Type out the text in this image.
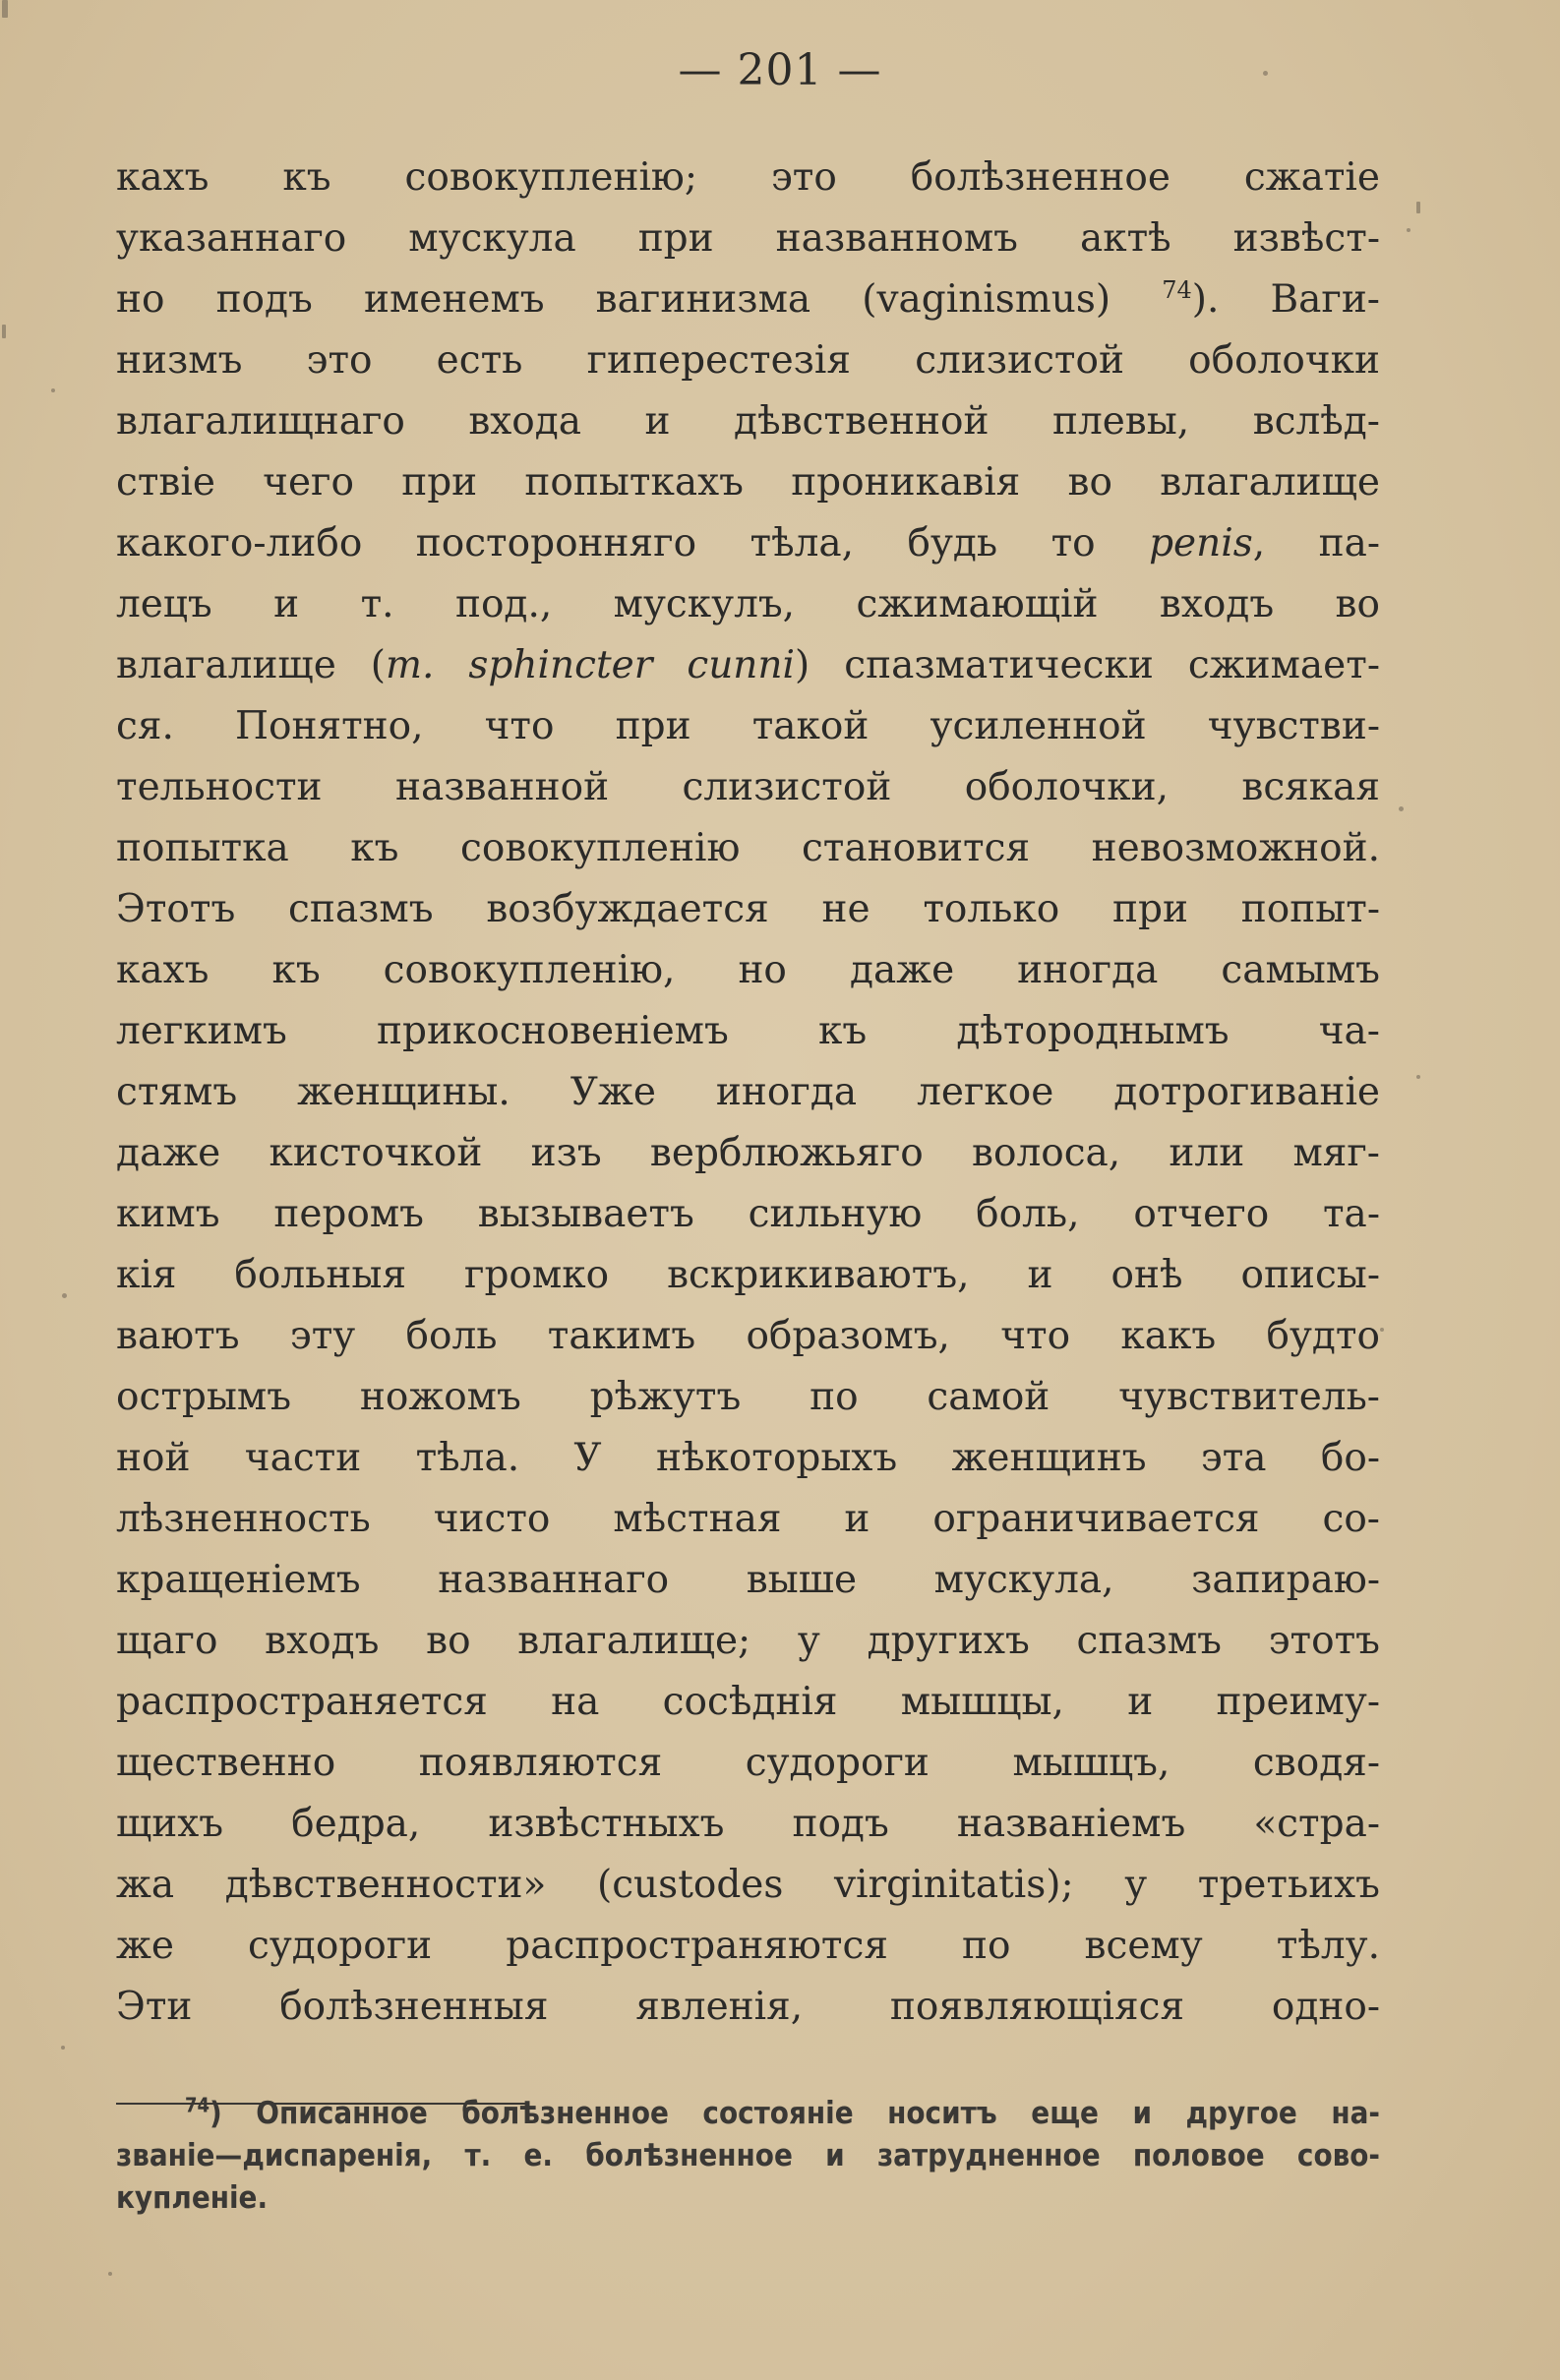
— 201 —
кахъ къ совокупленію; это болѣзненное сжатіе
указаннаго мускула при названномъ актѣ извѣст-
но подъ именемъ вагинизма (vaginismus) $^{74}$). Ваги-
низмъ это есть гиперестезія слизистой оболочки
влагалищнаго входа и дѣвственной плевы, вслѣд-
ствіе чего при попыткахъ проникавія во влагалище
какого-либо посторонняго тѣла, будь то penis, па-
лецъ и т. под., мускулъ, сжимающій входъ во
влагалище (m. sphincter cunni) спазматически сжимает-
ся. Понятно, что при такой усиленной чувстви-
тельности названной слизистой оболочки, всякая
попытка къ совокупленію становится невозможной.
Этотъ спазмъ возбуждается не только при попыт-
кахъ къ совокупленію, но даже иногда самымъ
легкимъ прикосновеніемъ къ дѣтороднымъ ча-
стямъ женщины. Уже иногда легкое дотрогиваніе
даже кисточкой изъ верблюжьяго волоса, или мяг-
кимъ перомъ вызываетъ сильную боль, отчего та-
кія больныя громко вскрикиваютъ, и онѣ описы-
ваютъ эту боль такимъ образомъ, что какъ будто
острымъ ножомъ рѣжутъ по самой чувствитель-
ной части тѣла. У нѣкоторыхъ женщинъ эта бо-
лѣзненность чисто мѣстная и ограничивается со-
кращеніемъ названнаго выше мускула, запираю-
щаго входъ во влагалище; у другихъ спазмъ этотъ
распространяется на сосѣднія мышцы, и преиму-
щественно появляются судороги мышцъ, сводя-
щихъ бедра, извѣстныхъ подъ названіемъ «стра-
жа дѣвственности» (custodes virginitatis); у третьихъ
же судороги распространяются по всему тѣлу.
Эти болѣзненныя явленія, появляющіяся одно-
$^{74}$) Описанное болѣзненное состояніе носитъ еще и другое на-
званіе—диспаренія, т. е. болѣзненное и затрудненное половое сово-
купленіе.
